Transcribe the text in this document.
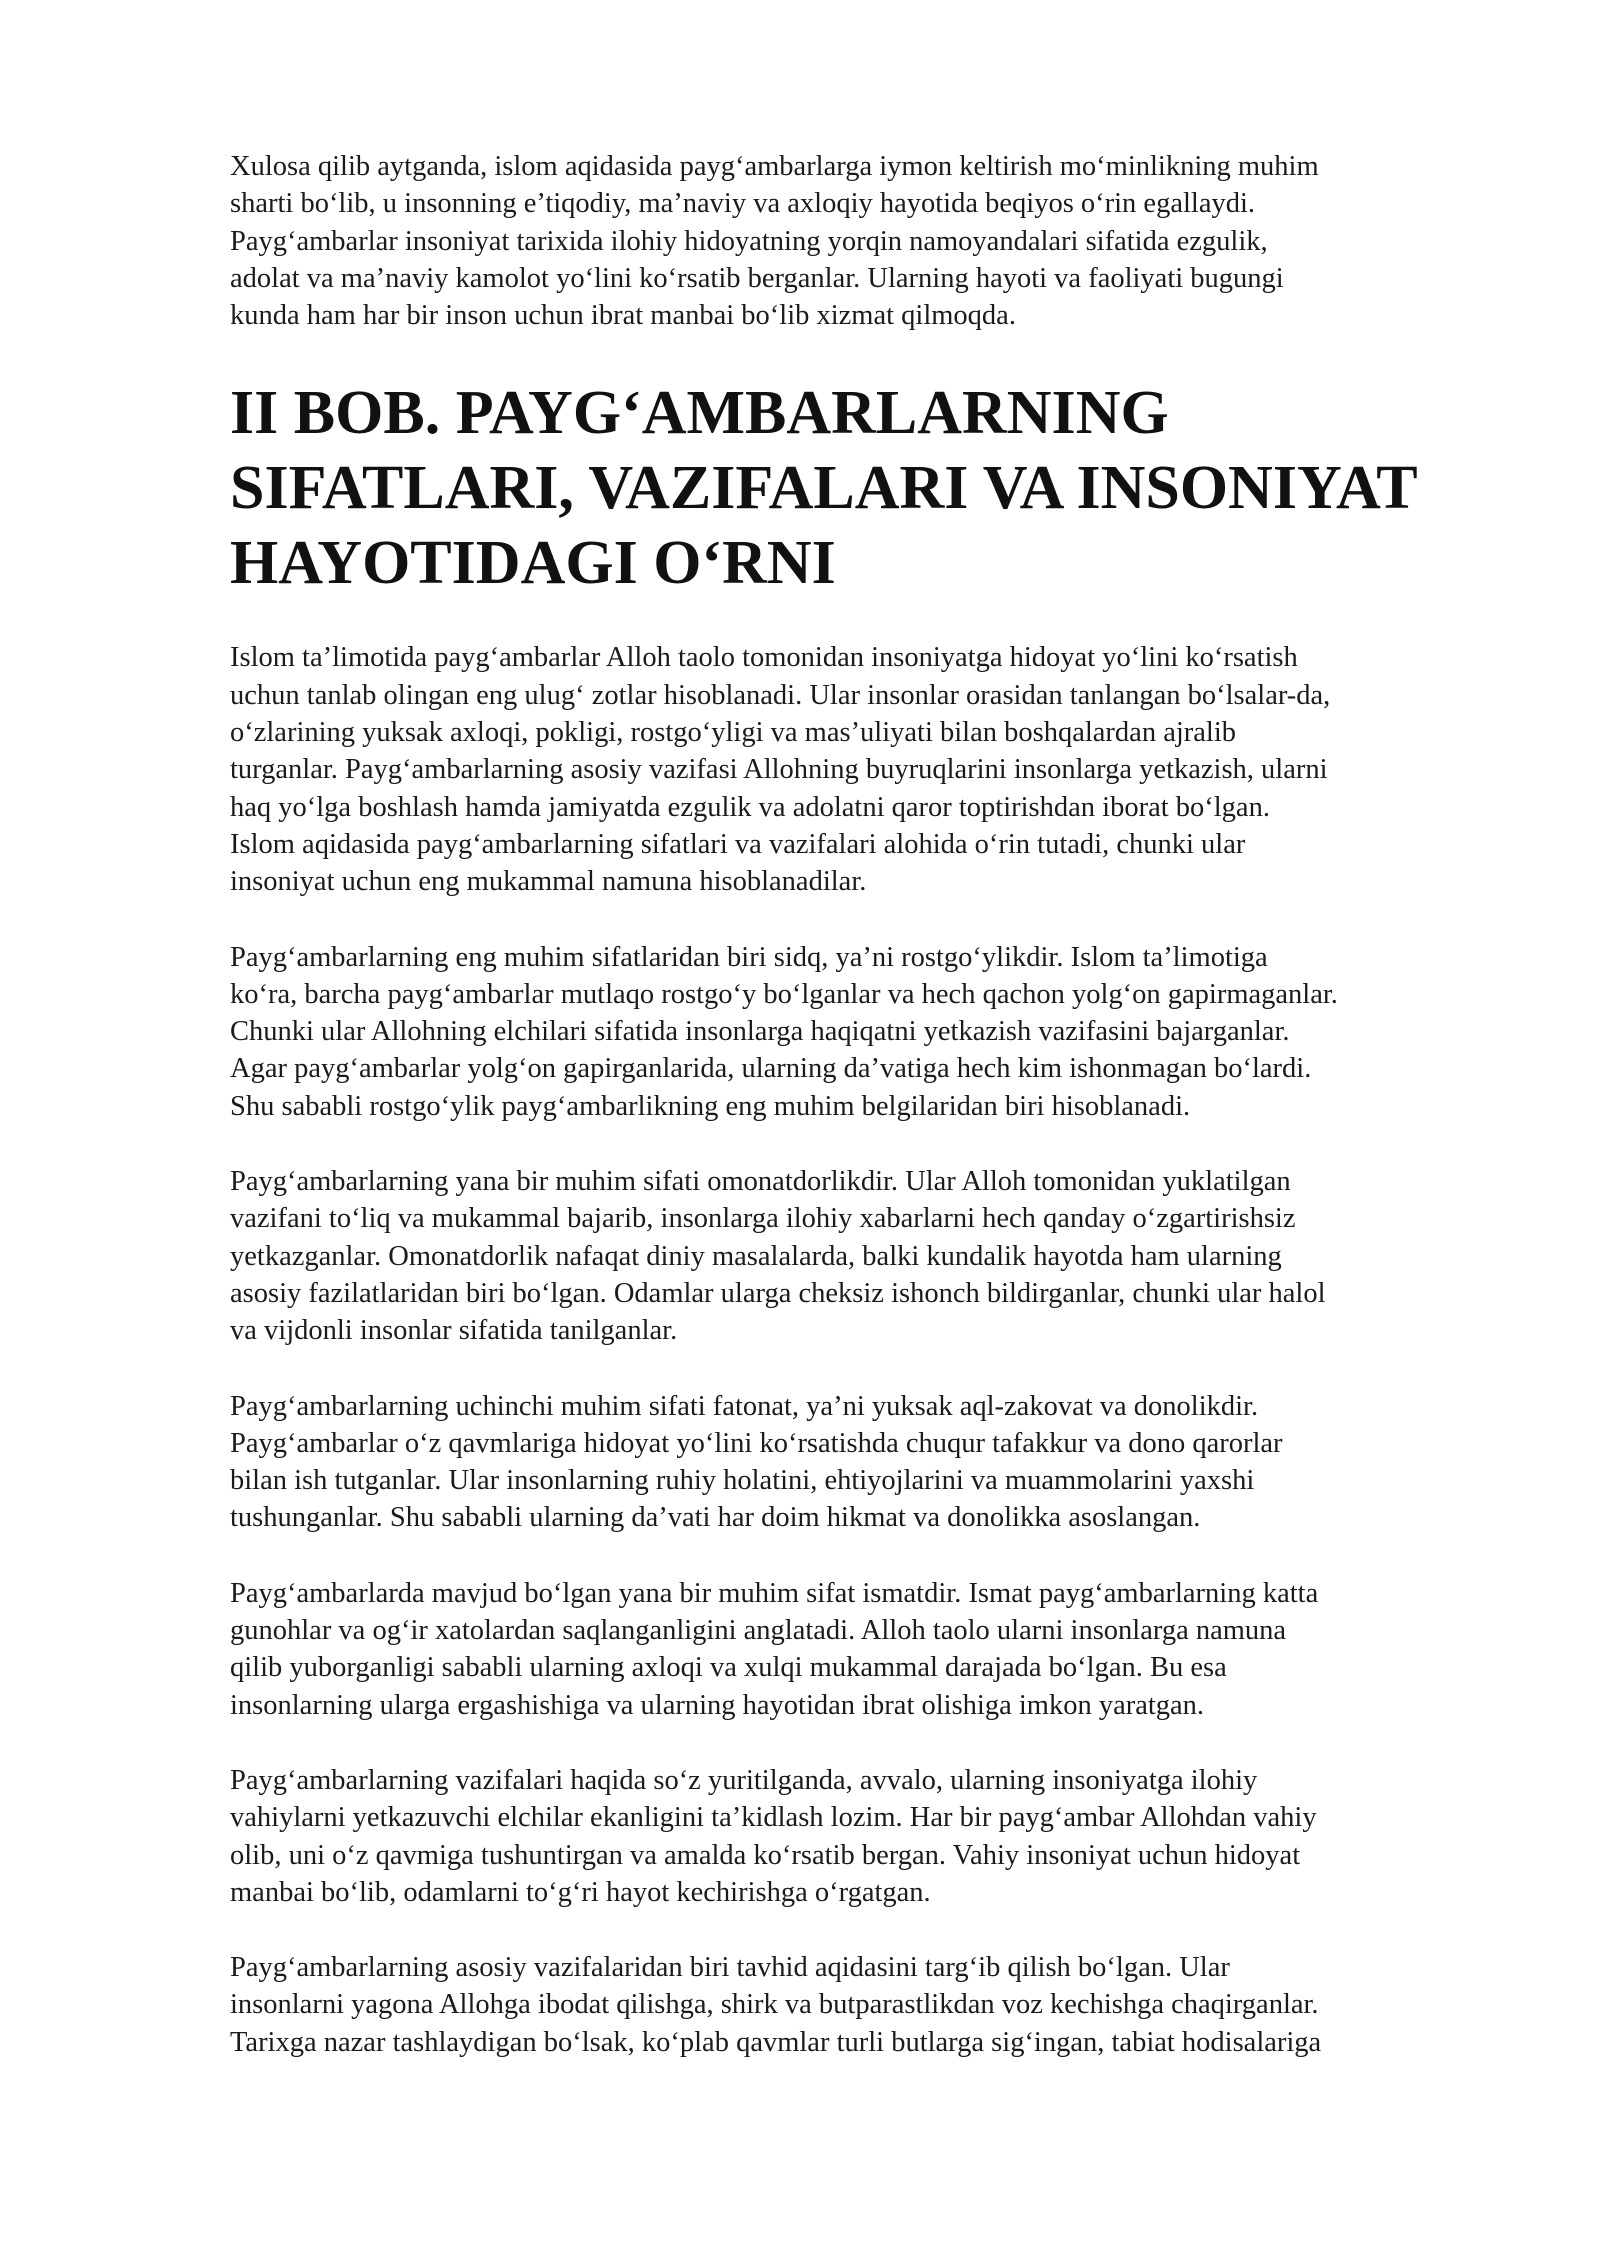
Xulosa qilib aytganda, islom aqidasida payg‘ambarlarga iymon keltirish mo‘minlikning muhim
sharti bo‘lib, u insonning e’tiqodiy, ma’naviy va axloqiy hayotida beqiyos o‘rin egallaydi.
Payg‘ambarlar insoniyat tarixida ilohiy hidoyatning yorqin namoyandalari sifatida ezgulik,
adolat va ma’naviy kamolot yo‘lini ko‘rsatib berganlar. Ularning hayoti va faoliyati bugungi
kunda ham har bir inson uchun ibrat manbai bo‘lib xizmat qilmoqda.

II BOB. PAYG‘AMBARLARNING
SIFATLARI, VAZIFALARI VA INSONIYAT
HAYOTIDAGI O‘RNI

Islom ta’limotida payg‘ambarlar Alloh taolo tomonidan insoniyatga hidoyat yo‘lini ko‘rsatish
uchun tanlab olingan eng ulug‘ zotlar hisoblanadi. Ular insonlar orasidan tanlangan bo‘lsalar-da,
o‘zlarining yuksak axloqi, pokligi, rostgo‘yligi va mas’uliyati bilan boshqalardan ajralib
turganlar. Payg‘ambarlarning asosiy vazifasi Allohning buyruqlarini insonlarga yetkazish, ularni
haq yo‘lga boshlash hamda jamiyatda ezgulik va adolatni qaror toptirishdan iborat bo‘lgan.
Islom aqidasida payg‘ambarlarning sifatlari va vazifalari alohida o‘rin tutadi, chunki ular
insoniyat uchun eng mukammal namuna hisoblanadilar.

Payg‘ambarlarning eng muhim sifatlaridan biri sidq, ya’ni rostgo‘ylikdir. Islom ta’limotiga
ko‘ra, barcha payg‘ambarlar mutlaqo rostgo‘y bo‘lganlar va hech qachon yolg‘on gapirmaganlar.
Chunki ular Allohning elchilari sifatida insonlarga haqiqatni yetkazish vazifasini bajarganlar.
Agar payg‘ambarlar yolg‘on gapirganlarida, ularning da’vatiga hech kim ishonmagan bo‘lardi.
Shu sababli rostgo‘ylik payg‘ambarlikning eng muhim belgilaridan biri hisoblanadi.

Payg‘ambarlarning yana bir muhim sifati omonatdorlikdir. Ular Alloh tomonidan yuklatilgan
vazifani to‘liq va mukammal bajarib, insonlarga ilohiy xabarlarni hech qanday o‘zgartirishsiz
yetkazganlar. Omonatdorlik nafaqat diniy masalalarda, balki kundalik hayotda ham ularning
asosiy fazilatlaridan biri bo‘lgan. Odamlar ularga cheksiz ishonch bildirganlar, chunki ular halol
va vijdonli insonlar sifatida tanilganlar.

Payg‘ambarlarning uchinchi muhim sifati fatonat, ya’ni yuksak aql-zakovat va donolikdir.
Payg‘ambarlar o‘z qavmlariga hidoyat yo‘lini ko‘rsatishda chuqur tafakkur va dono qarorlar
bilan ish tutganlar. Ular insonlarning ruhiy holatini, ehtiyojlarini va muammolarini yaxshi
tushunganlar. Shu sababli ularning da’vati har doim hikmat va donolikka asoslangan.

Payg‘ambarlarda mavjud bo‘lgan yana bir muhim sifat ismatdir. Ismat payg‘ambarlarning katta
gunohlar va og‘ir xatolardan saqlanganligini anglatadi. Alloh taolo ularni insonlarga namuna
qilib yuborganligi sababli ularning axloqi va xulqi mukammal darajada bo‘lgan. Bu esa
insonlarning ularga ergashishiga va ularning hayotidan ibrat olishiga imkon yaratgan.

Payg‘ambarlarning vazifalari haqida so‘z yuritilganda, avvalo, ularning insoniyatga ilohiy
vahiylarni yetkazuvchi elchilar ekanligini ta’kidlash lozim. Har bir payg‘ambar Allohdan vahiy
olib, uni o‘z qavmiga tushuntirgan va amalda ko‘rsatib bergan. Vahiy insoniyat uchun hidoyat
manbai bo‘lib, odamlarni to‘g‘ri hayot kechirishga o‘rgatgan.

Payg‘ambarlarning asosiy vazifalaridan biri tavhid aqidasini targ‘ib qilish bo‘lgan. Ular
insonlarni yagona Allohga ibodat qilishga, shirk va butparastlikdan voz kechishga chaqirganlar.
Tarixga nazar tashlaydigan bo‘lsak, ko‘plab qavmlar turli butlarga sig‘ingan, tabiat hodisalariga
